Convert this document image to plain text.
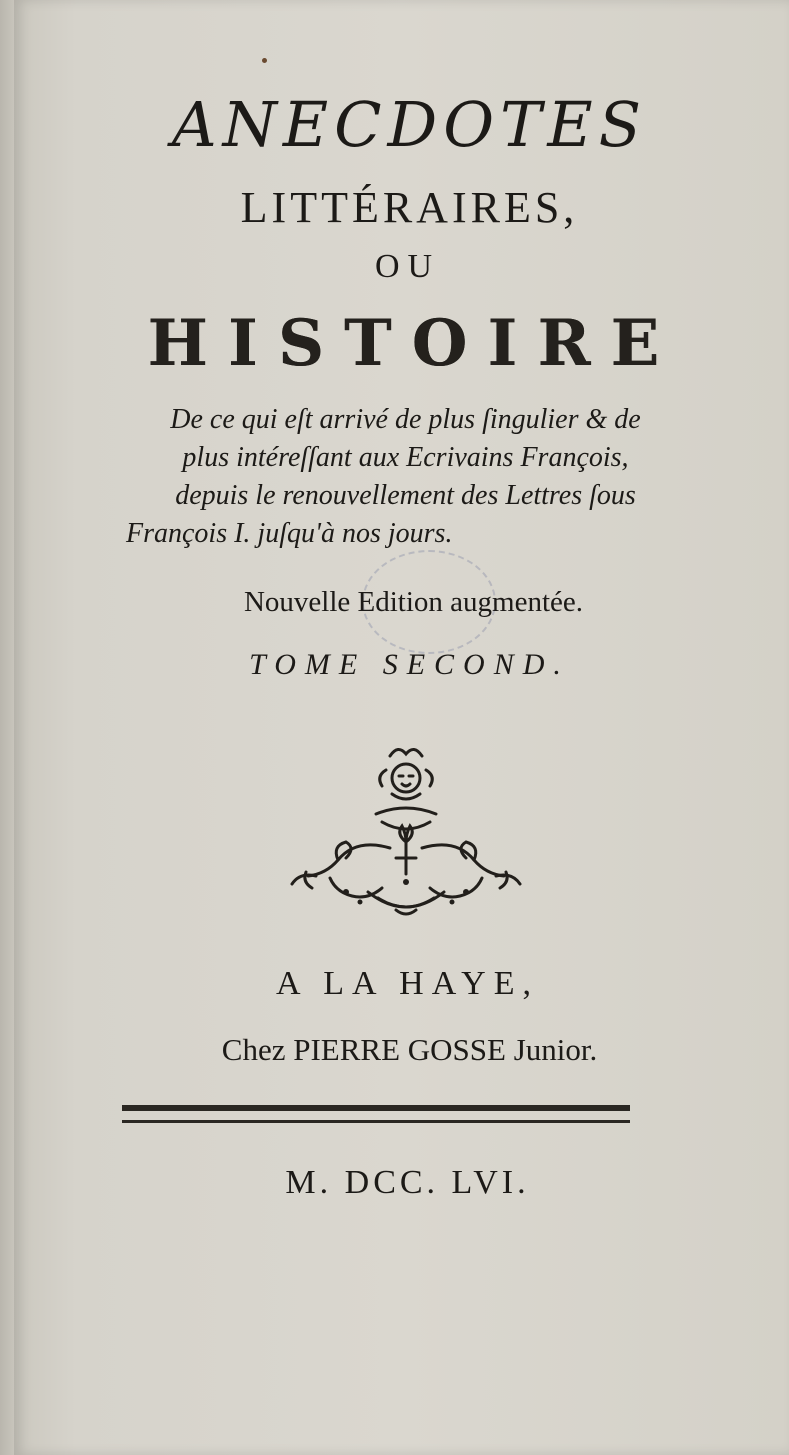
ANECDOTES
LITTÉRAIRES,
OU
HISTOIRE
De ce qui eſt arrivé de plus ſingulier & de
plus intéreſſant aux Ecrivains François,
depuis le renouvellement des Lettres ſous
François I. juſqu'à nos jours.
Nouvelle Edition augmentée.
TOME SECOND.
A LA HAYE,
Chez PIERRE GOSSE Junior.
M. DCC. LVI.
